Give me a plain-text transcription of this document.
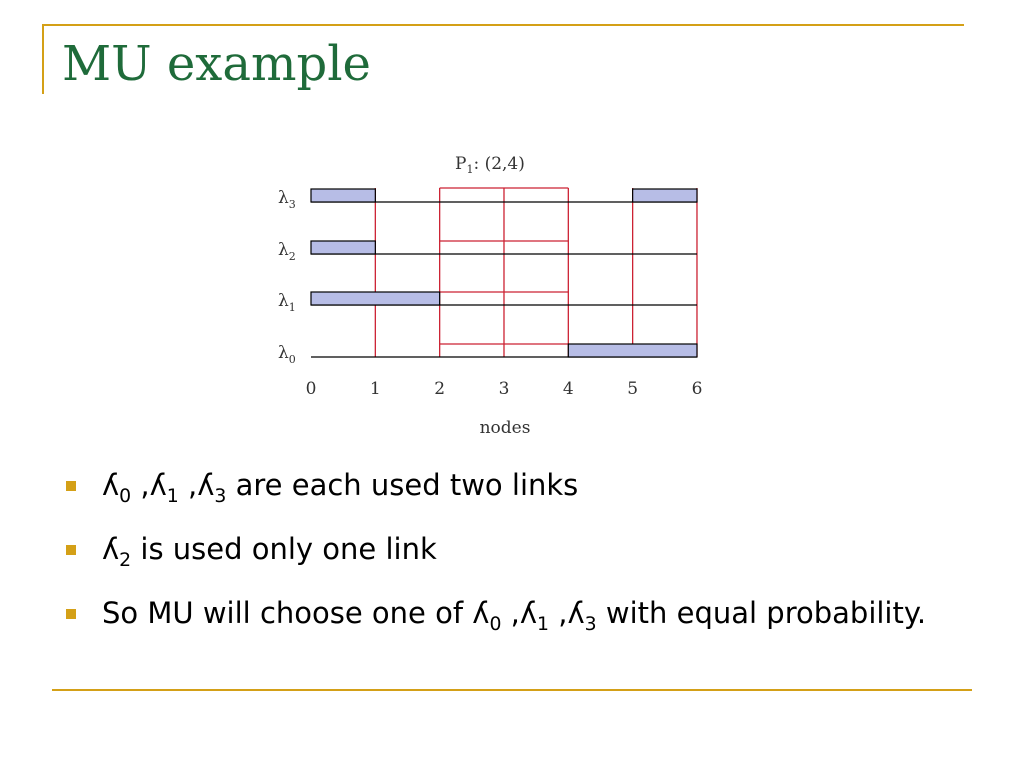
MU example
$P_1$: (2,4)
$\lambda_3$
$\lambda_2$
$\lambda_1$
$\lambda_0$
0	1	2	3	4	5	6
nodes
ʎ$_0$ ,ʎ$_1$ ,ʎ$_3$ are each used two links
ʎ$_2$ is used only one link
So MU will choose one of ʎ$_0$ ,ʎ$_1$ ,ʎ$_3$ with equal probability.
